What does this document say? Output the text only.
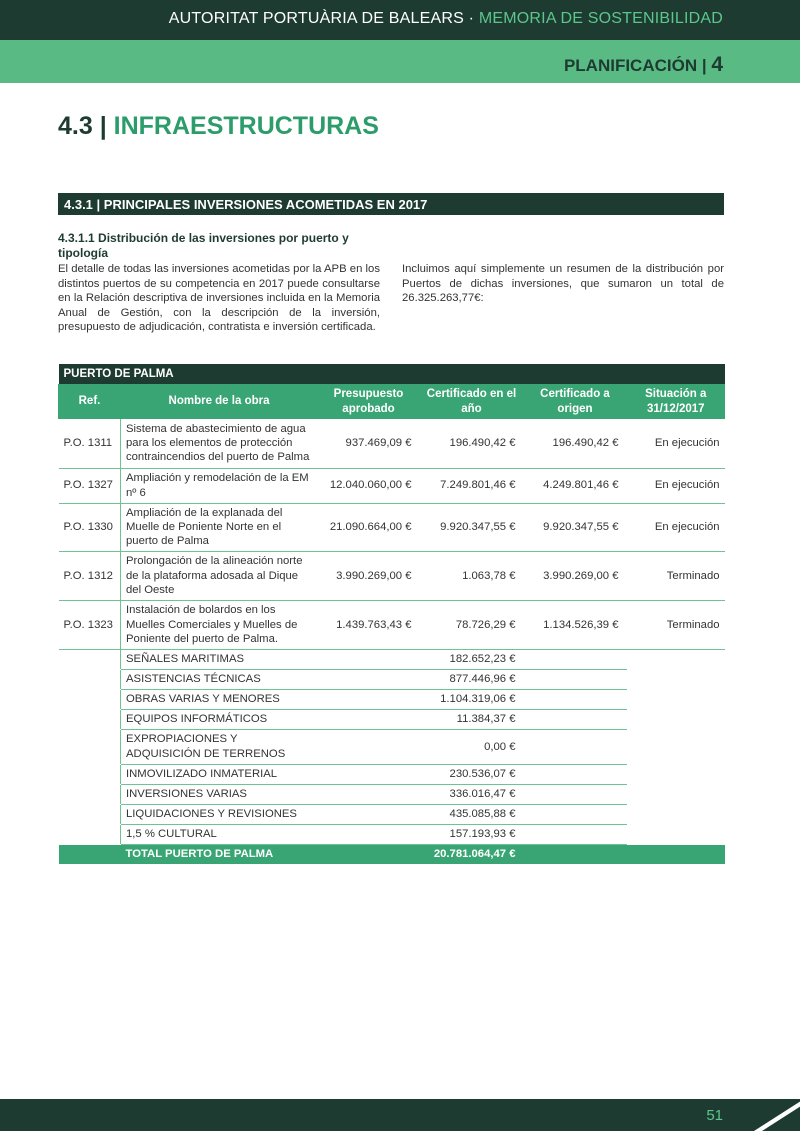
AUTORITAT PORTUÀRIA DE BALEARS · MEMORIA DE SOSTENIBILIDAD
PLANIFICACIÓN | 4
4.3 | INFRAESTRUCTURAS
4.3.1 | PRINCIPALES INVERSIONES ACOMETIDAS EN 2017
4.3.1.1 Distribución de las inversiones por puerto y tipología
El detalle de todas las inversiones acometidas por la APB en los distintos puertos de su competencia en 2017 puede consultarse en la Relación descriptiva de inversiones incluida en la Memoria Anual de Gestión, con la descripción de la inversión, presupuesto de adjudicación, contratista e inversión certificada.
Incluimos aquí simplemente un resumen de la distribución por Puertos de dichas inversiones, que sumaron un total de 26.325.263,77€:
PUERTO DE PALMA					
Ref.	Nombre de la obra	Presupuesto aprobado	Certificado en el año	Certificado a origen	Situación a 31/12/2017
P.O. 1311	Sistema de abastecimiento de agua para los elementos de protección contraincendios del puerto de Palma	937.469,09 €	196.490,42 €	196.490,42 €	En ejecución
P.O. 1327	Ampliación y remodelación de la EM nº 6	12.040.060,00 €	7.249.801,46 €	4.249.801,46 €	En ejecución
P.O. 1330	Ampliación de la explanada del Muelle de Poniente Norte en el puerto de Palma	21.090.664,00 €	9.920.347,55 €	9.920.347,55 €	En ejecución
P.O. 1312	Prolongación de la alineación norte de la plataforma adosada al Dique del Oeste	3.990.269,00 €	1.063,78 €	3.990.269,00 €	Terminado
P.O. 1323	Instalación de bolardos en los Muelles Comerciales y Muelles de Poniente del puerto de Palma.	1.439.763,43 €	78.726,29 €	1.134.526,39 €	Terminado
	SEÑALES MARITIMAS		182.652,23 €		
	ASISTENCIAS TÉCNICAS		877.446,96 €		
	OBRAS VARIAS Y MENORES		1.104.319,06 €		
	EQUIPOS INFORMÁTICOS		11.384,37 €		
	EXPROPIACIONES Y ADQUISICIÓN DE TERRENOS		0,00 €		
	INMOVILIZADO INMATERIAL		230.536,07 €		
	INVERSIONES VARIAS		336.016,47 €		
	LIQUIDACIONES Y REVISIONES		435.085,88 €		
	1,5 % CULTURAL		157.193,93 €		
	TOTAL PUERTO DE PALMA		20.781.064,47 €		
51
